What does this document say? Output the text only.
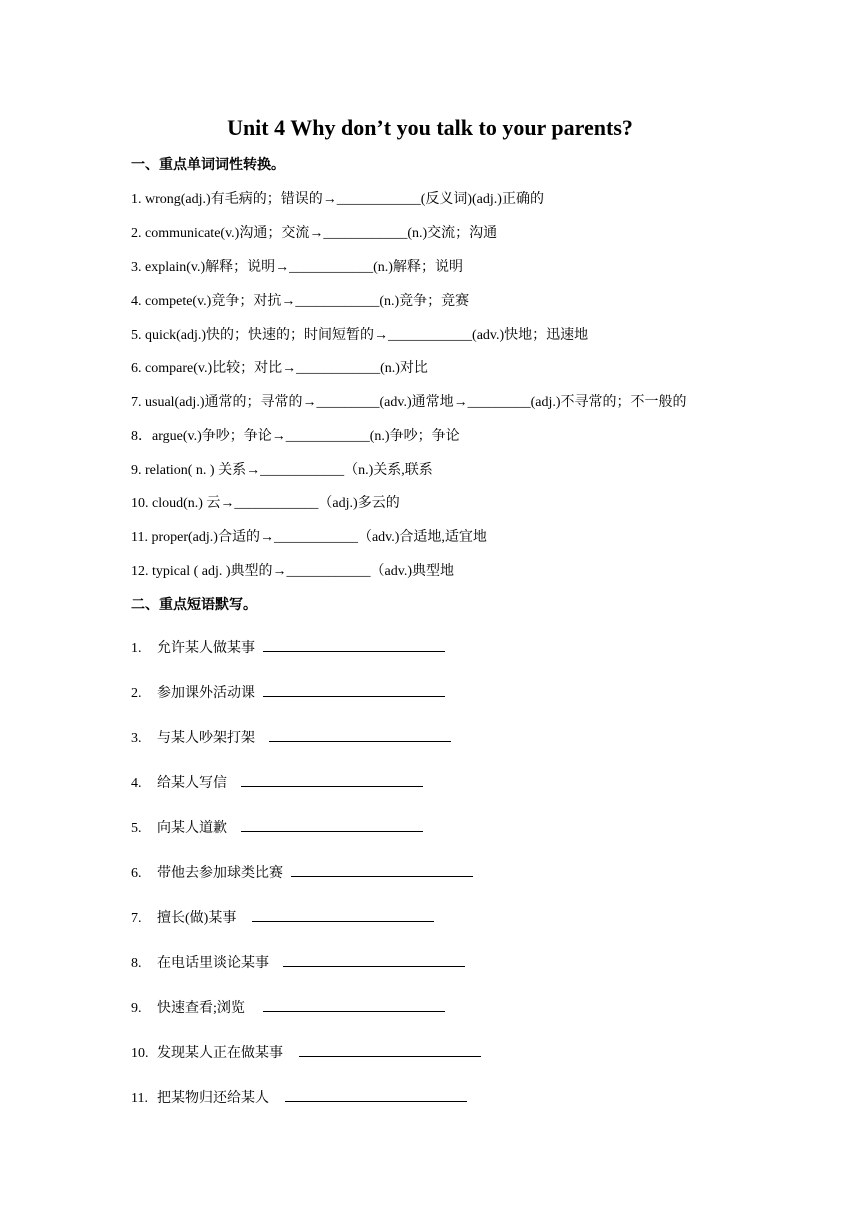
Unit 4 Why don’t you talk to your parents?
一、重点单词词性转换。
1. wrong(adj.)有毛病的；错误的→____________(反义词)(adj.)正确的
2. communicate(v.)沟通；交流→____________(n.)交流；沟通
3. explain(v.)解释；说明→____________(n.)解释；说明
4. compete(v.)竞争；对抗→____________(n.)竞争；竞赛
5. quick(adj.)快的；快速的；时间短暂的→____________(adv.)快地；迅速地
6. compare(v.)比较；对比→____________(n.)对比
7. usual(adj.)通常的；寻常的→_________(adv.)通常地→_________(adj.)不寻常的；不一般的
8．argue(v.)争吵；争论→____________(n.)争吵；争论
9. relation( n. ) 关系→____________（n.)关系,联系
10. cloud(n.) 云→____________（adj.)多云的
11. proper(adj.)合适的→____________（adv.)合适地,适宜地
12. typical ( adj. )典型的→____________（adv.)典型地
二、重点短语默写。
1. 允许某人做某事
2. 参加课外活动课
3. 与某人吵架打架
4. 给某人写信
5. 向某人道歉
6. 带他去参加球类比赛
7. 擅长(做)某事
8. 在电话里谈论某事
9. 快速查看;浏览
10. 发现某人正在做某事
11. 把某物归还给某人
